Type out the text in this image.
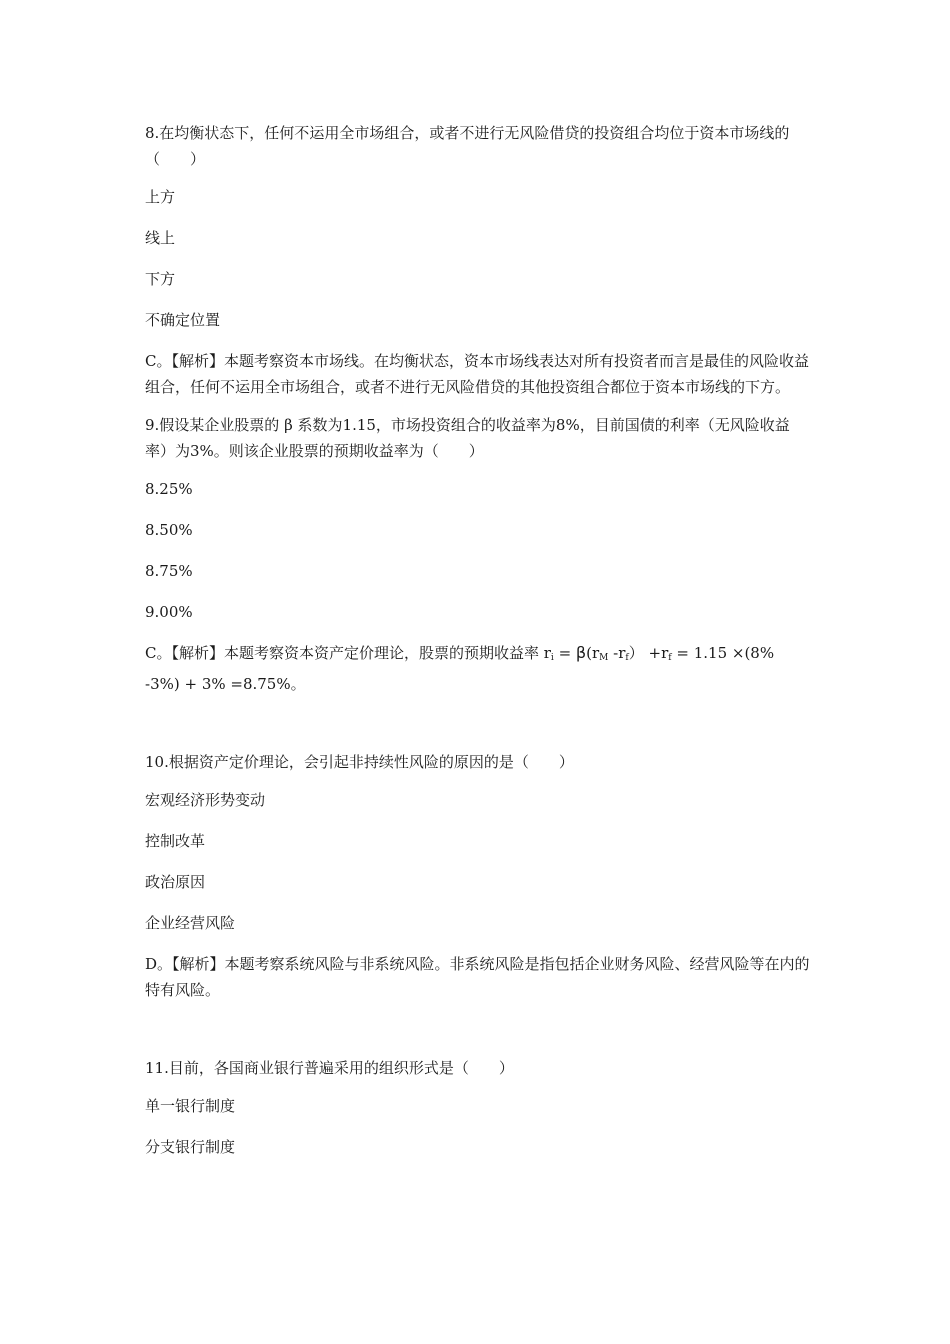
8.在均衡状态下，任何不运用全市场组合，或者不进行无风险借贷的投资组合均位于资本市场线的（　　）

上方

线上

下方

不确定位置

C。【解析】本题考察资本市场线。在均衡状态，资本市场线表达对所有投资者而言是最佳的风险收益组合，任何不运用全市场组合，或者不进行无风险借贷的其他投资组合都位于资本市场线的下方。

9.假设某企业股票的 β 系数为1.15，市场投资组合的收益率为8%，目前国债的利率（无风险收益率）为3%。则该企业股票的预期收益率为（　　）

8.25%

8.50%

8.75%

9.00%

C。【解析】本题考察资本资产定价理论，股票的预期收益率 $r_i = \beta(r_M$ $-r_f) +r_f = 1.15 \times(8\%$ -3%) + 3% =8.75%。

10.根据资产定价理论，会引起非持续性风险的原因的是（　　）

宏观经济形势变动

控制改革

政治原因

企业经营风险

D。【解析】本题考察系统风险与非系统风险。非系统风险是指包括企业财务风险、经营风险等在内的特有风险。

11.目前，各国商业银行普遍采用的组织形式是（　　）

单一银行制度

分支银行制度
